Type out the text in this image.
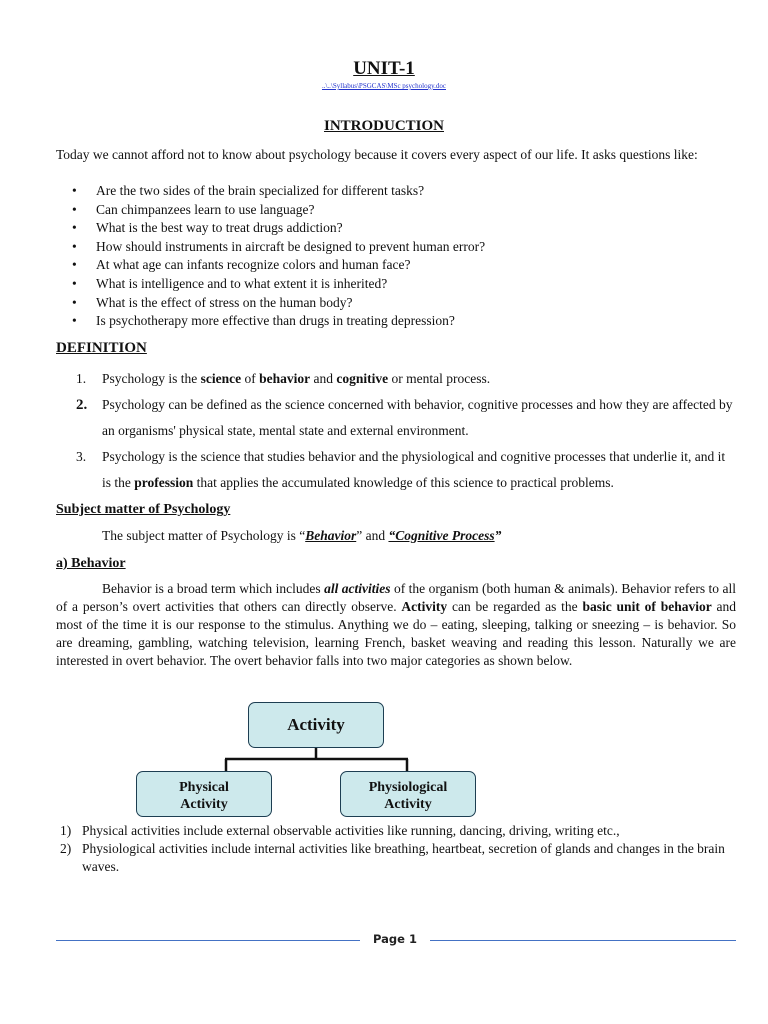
UNIT-1
..\..\Syllabus\PSGCAS\MSc psychology.doc
INTRODUCTION
Today we cannot afford not to know about psychology because it covers every aspect of our life. It asks questions like:
• Are the two sides of the brain specialized for different tasks?
• Can chimpanzees learn to use language?
• What is the best way to treat drugs addiction?
• How should instruments in aircraft be designed to prevent human error?
• At what age can infants recognize colors and human face?
• What is intelligence and to what extent it is inherited?
• What is the effect of stress on the human body?
• Is psychotherapy more effective than drugs in treating depression?
DEFINITION
1. Psychology is the science of behavior and cognitive or mental process.
2. Psychology can be defined as the science concerned with behavior, cognitive processes and how they are affected by an organisms' physical state, mental state and external environment.
3. Psychology is the science that studies behavior and the physiological and cognitive processes that underlie it, and it is the profession that applies the accumulated knowledge of this science to practical problems.
Subject matter of Psychology
The subject matter of Psychology is “Behavior” and “Cognitive Process”
a) Behavior
Behavior is a broad term which includes all activities of the organism (both human & animals). Behavior refers to all of a person’s overt activities that others can directly observe. Activity can be regarded as the basic unit of behavior and most of the time it is our response to the stimulus. Anything we do – eating, sleeping, talking or sneezing – is behavior. So are dreaming, gambling, watching television, learning French, basket weaving and reading this lesson. Naturally we are interested in overt behavior. The overt behavior falls into two major categories as shown below.
Activity
Physical
Activity
Physiological
Activity
1) Physical activities include external observable activities like running, dancing, driving, writing etc.,
2) Physiological activities include internal activities like breathing, heartbeat, secretion of glands and changes in the brain waves.
Page 1
